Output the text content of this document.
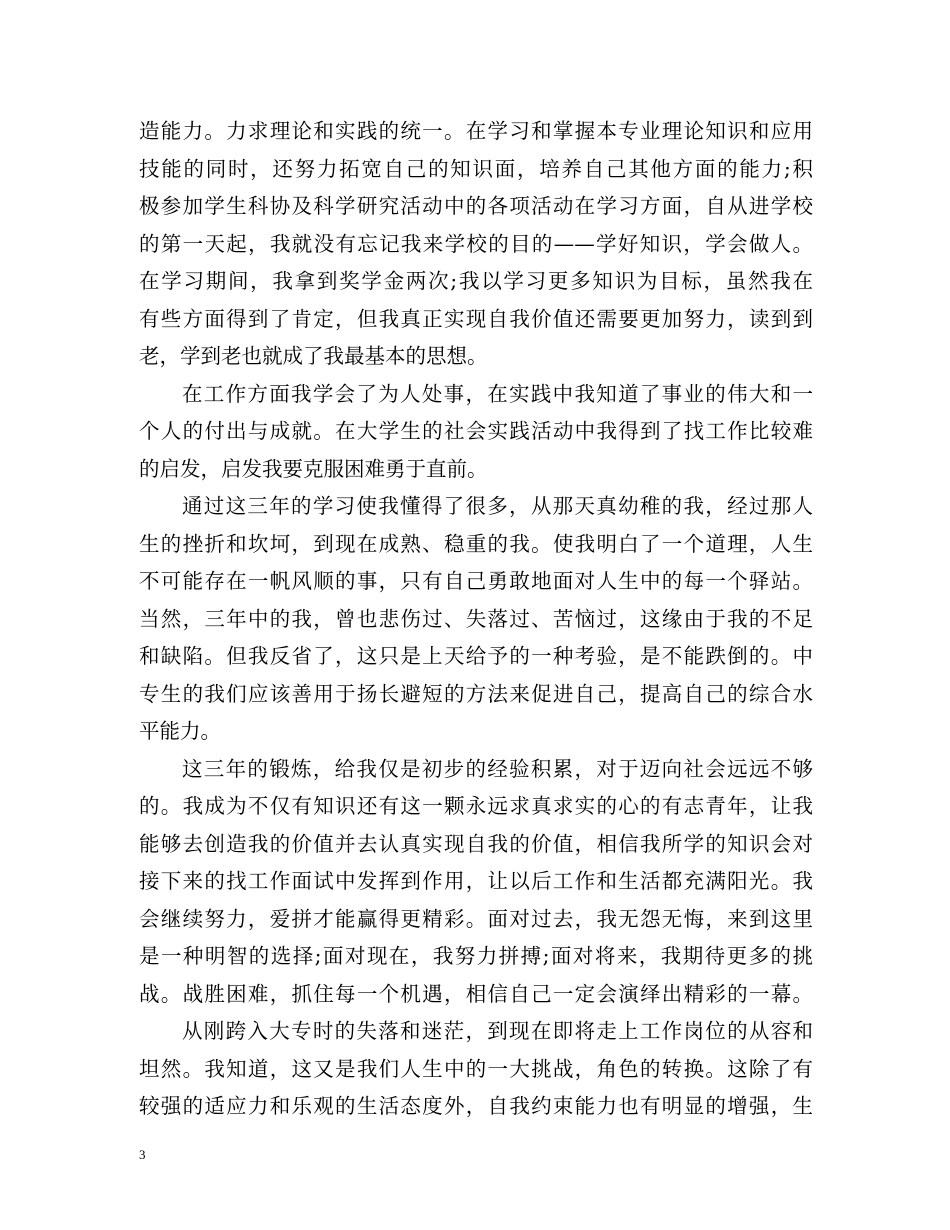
造能力。力求理论和实践的统一。在学习和掌握本专业理论知识和应用
技能的同时，还努力拓宽自己的知识面，培养自己其他方面的能力;积
极参加学生科协及科学研究活动中的各项活动在学习方面，自从进学校
的第一天起，我就没有忘记我来学校的目的——学好知识，学会做人。
在学习期间，我拿到奖学金两次;我以学习更多知识为目标，虽然我在
有些方面得到了肯定，但我真正实现自我价值还需要更加努力，读到到
老，学到老也就成了我最基本的思想。
在工作方面我学会了为人处事，在实践中我知道了事业的伟大和一
个人的付出与成就。在大学生的社会实践活动中我得到了找工作比较难
的启发，启发我要克服困难勇于直前。
通过这三年的学习使我懂得了很多，从那天真幼稚的我，经过那人
生的挫折和坎坷，到现在成熟、稳重的我。使我明白了一个道理，人生
不可能存在一帆风顺的事，只有自己勇敢地面对人生中的每一个驿站。
当然，三年中的我，曾也悲伤过、失落过、苦恼过，这缘由于我的不足
和缺陷。但我反省了，这只是上天给予的一种考验，是不能跌倒的。中
专生的我们应该善用于扬长避短的方法来促进自己，提高自己的综合水
平能力。
这三年的锻炼，给我仅是初步的经验积累，对于迈向社会远远不够
的。我成为不仅有知识还有这一颗永远求真求实的心的有志青年，让我
能够去创造我的价值并去认真实现自我的价值，相信我所学的知识会对
接下来的找工作面试中发挥到作用，让以后工作和生活都充满阳光。我
会继续努力，爱拼才能赢得更精彩。面对过去，我无怨无悔，来到这里
是一种明智的选择;面对现在，我努力拼搏;面对将来，我期待更多的挑
战。战胜困难，抓住每一个机遇，相信自己一定会演绎出精彩的一幕。
从刚跨入大专时的失落和迷茫，到现在即将走上工作岗位的从容和
坦然。我知道，这又是我们人生中的一大挑战，角色的转换。这除了有
较强的适应力和乐观的生活态度外，自我约束能力也有明显的增强，生
3
